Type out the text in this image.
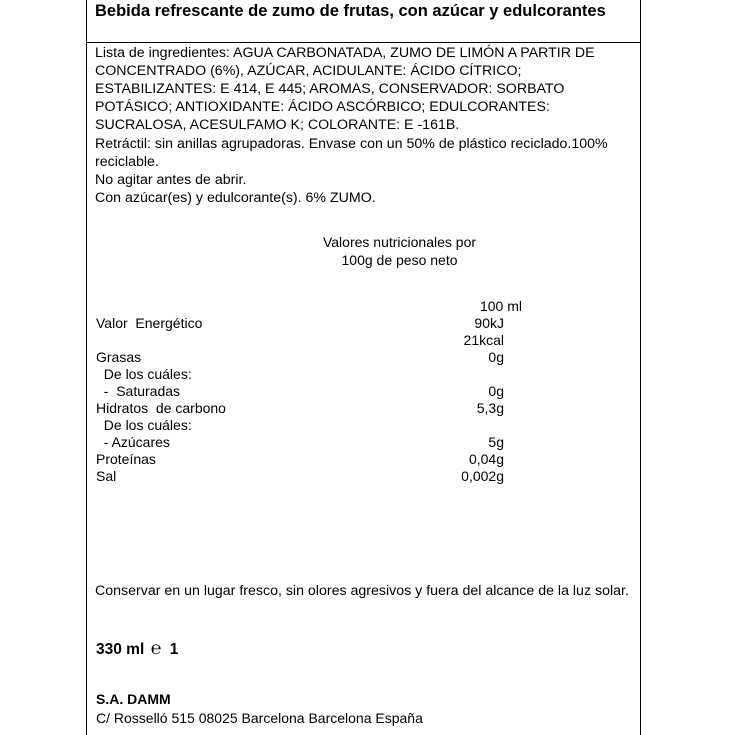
Bebida refrescante de zumo de frutas, con azúcar y edulcorantes
Lista de ingredientes: AGUA CARBONATADA, ZUMO DE LIMÓN A PARTIR DE CONCENTRADO (6%), AZÚCAR, ACIDULANTE: ÁCIDO CÍTRICO; ESTABILIZANTES: E 414, E 445; AROMAS, CONSERVADOR: SORBATO POTÁSICO; ANTIOXIDANTE: ÁCIDO ASCÓRBICO; EDULCORANTES: SUCRALOSA, ACESULFAMO K; COLORANTE: E -161B.
Retráctil: sin anillas agrupadoras. Envase con un 50% de plástico reciclado.100% reciclable.
No agitar antes de abrir.
Con azúcar(es) y edulcorante(s). 6% ZUMO.
Valores nutricionales por
100g de peso neto
100 ml
Valor  Energético	90kJ
21kcal
Grasas	0g
De los cuáles:
-  Saturadas	0g
Hidratos  de carbono	5,3g
De los cuáles:
- Azúcares	5g
Proteínas	0,04g
Sal	0,002g
Conservar en un lugar fresco, sin olores agresivos y fuera del alcance de la luz solar.
330 ml ℮ 1
S.A. DAMM
C/ Rosselló 515 08025 Barcelona Barcelona España
